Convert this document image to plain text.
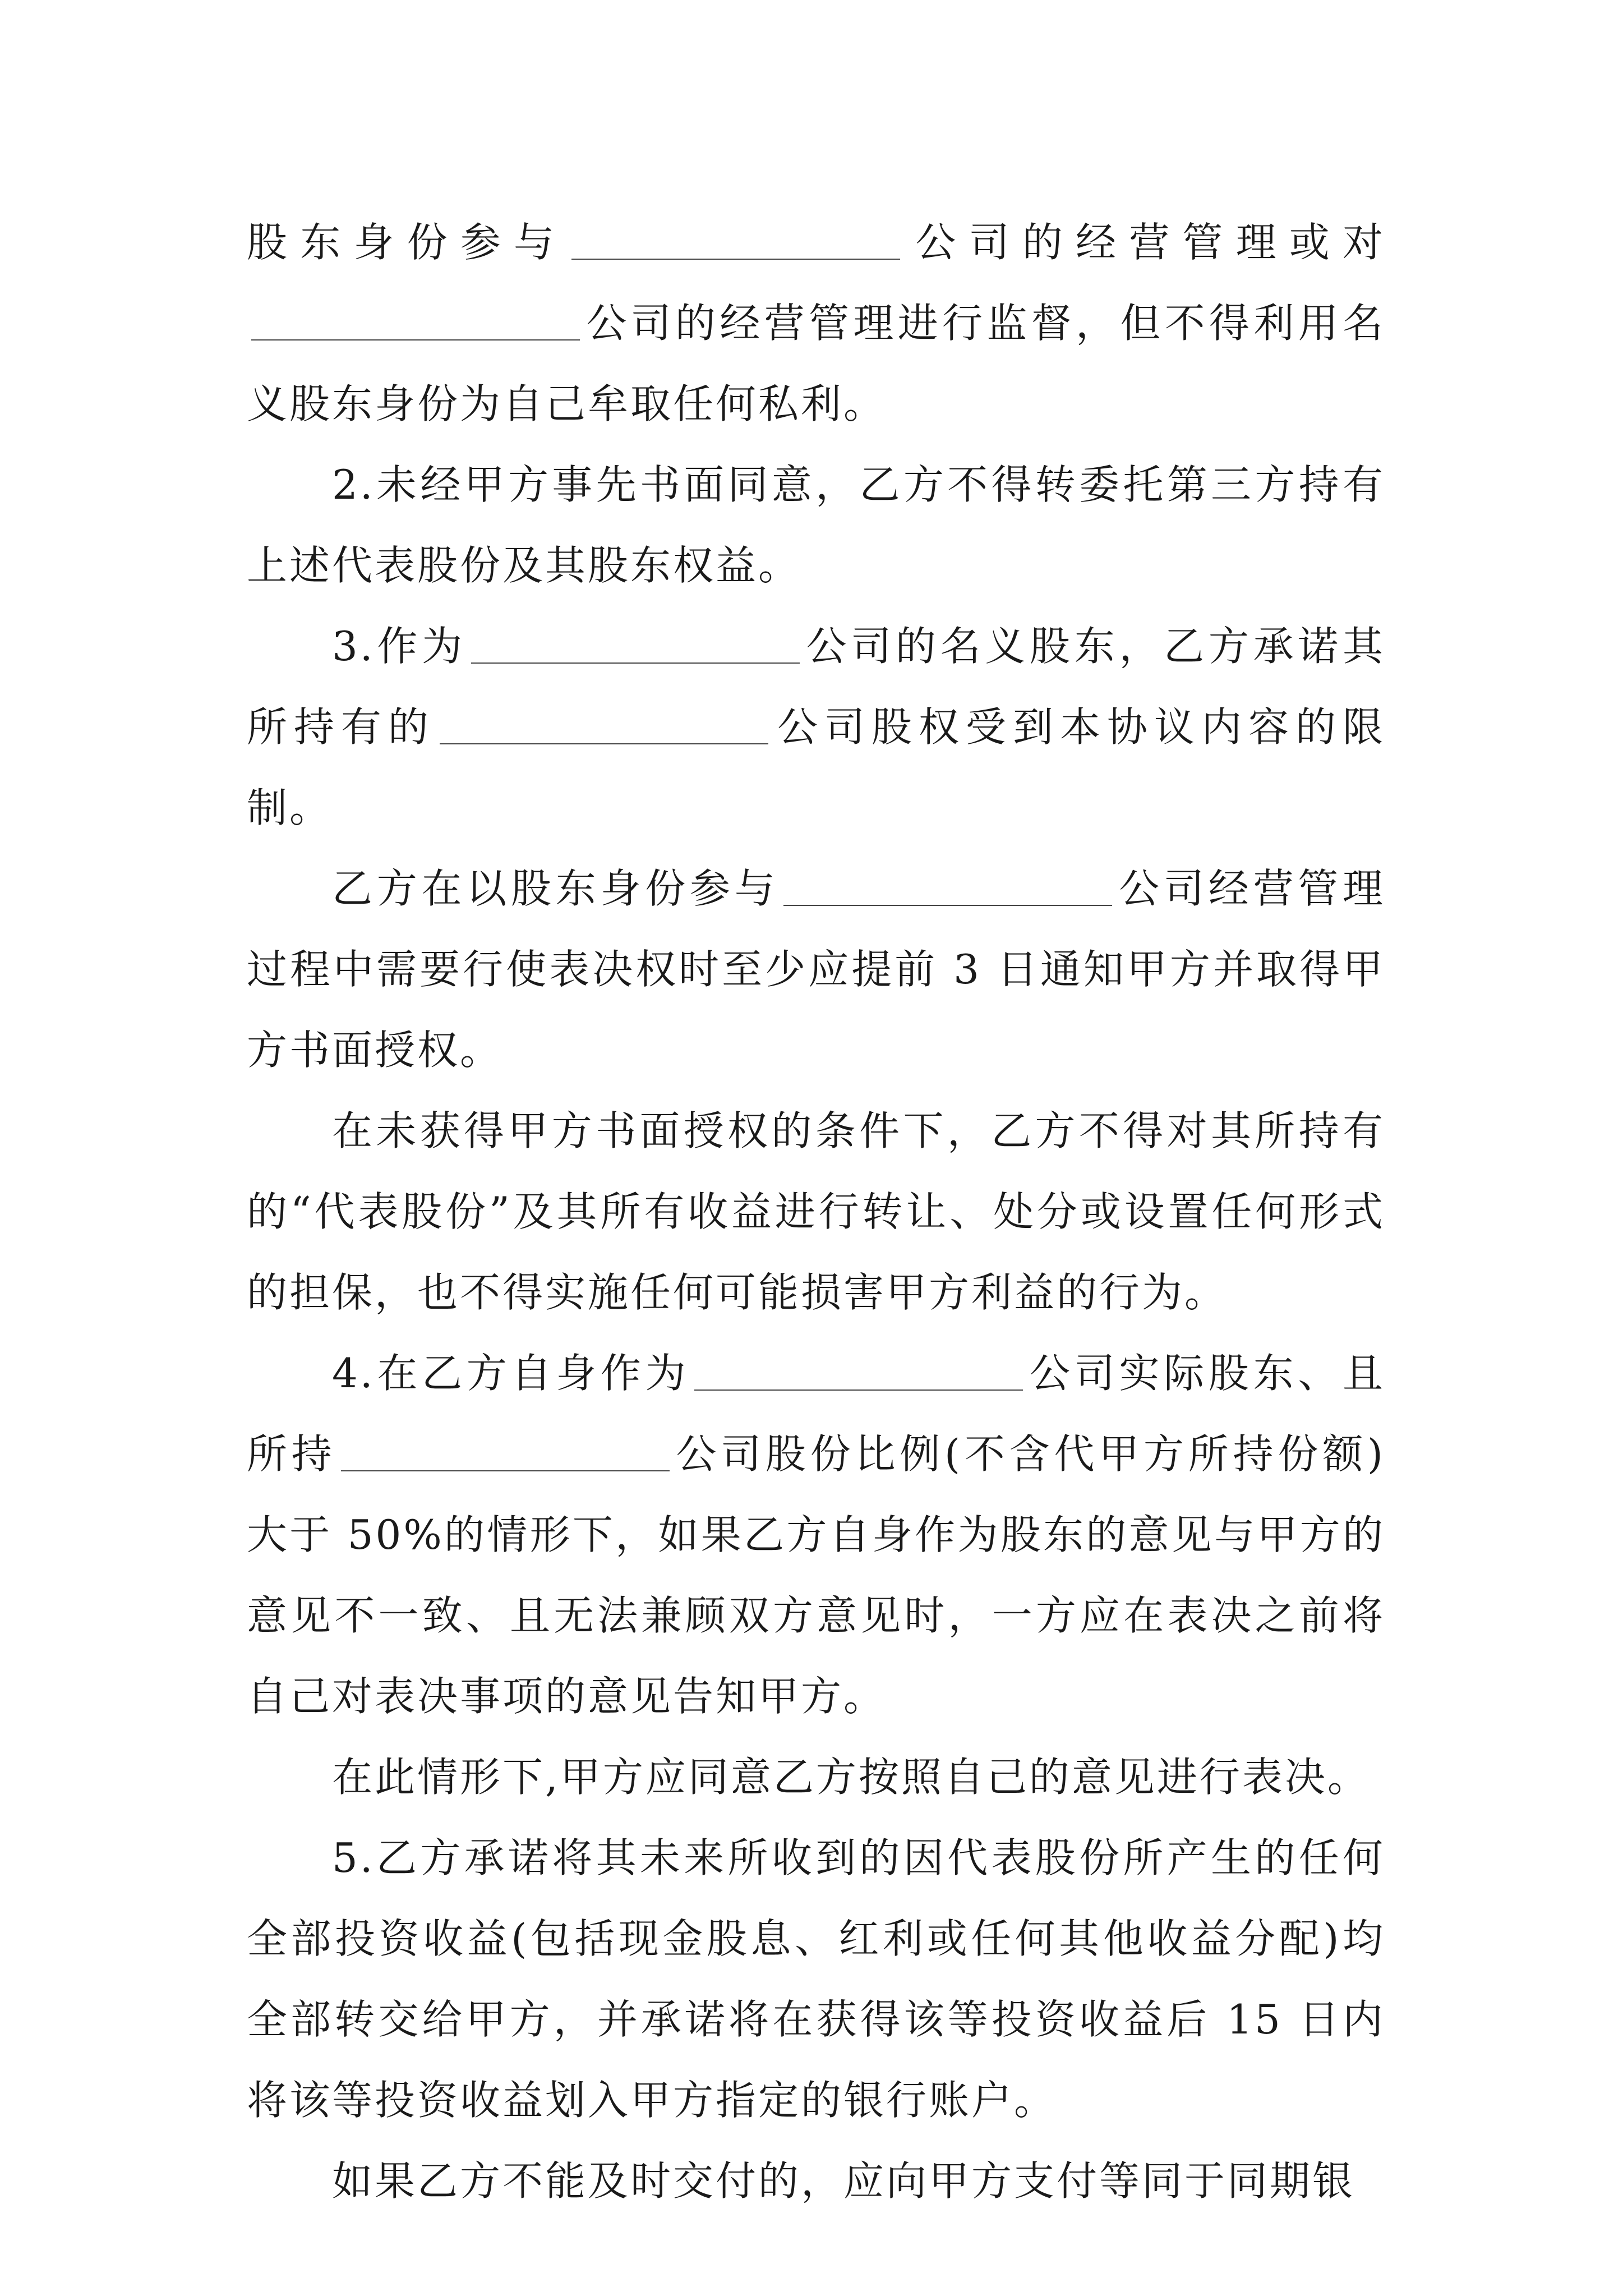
股东身份参与	公司的经营管理或对公司的经营管理进行监督，但不得利用名义股东身份为自己牟取任何私利。

2.未经甲方事先书面同意，乙方不得转委托第三方持有上述代表股份及其股东权益。

3.作为	公司的名义股东，乙方承诺其所持有的	公司股权受到本协议内容的限制。

乙方在以股东身份参与	公司经营管理过程中需要行使表决权时至少应提前 3 日通知甲方并取得甲方书面授权。

在未获得甲方书面授权的条件下，乙方不得对其所持有的“代表股份”及其所有收益进行转让、处分或设置任何形式的担保，也不得实施任何可能损害甲方利益的行为。

4.在乙方自身作为	公司实际股东、且所持	公司股份比例(不含代甲方所持份额)大于 50%的情形下，如果乙方自身作为股东的意见与甲方的意见不一致、且无法兼顾双方意见时，一方应在表决之前将自己对表决事项的意见告知甲方。

在此情形下,甲方应同意乙方按照自己的意见进行表决。

5.乙方承诺将其未来所收到的因代表股份所产生的任何全部投资收益(包括现金股息、红利或任何其他收益分配)均全部转交给甲方，并承诺将在获得该等投资收益后 15 日内将该等投资收益划入甲方指定的银行账户。

如果乙方不能及时交付的，应向甲方支付等同于同期银
